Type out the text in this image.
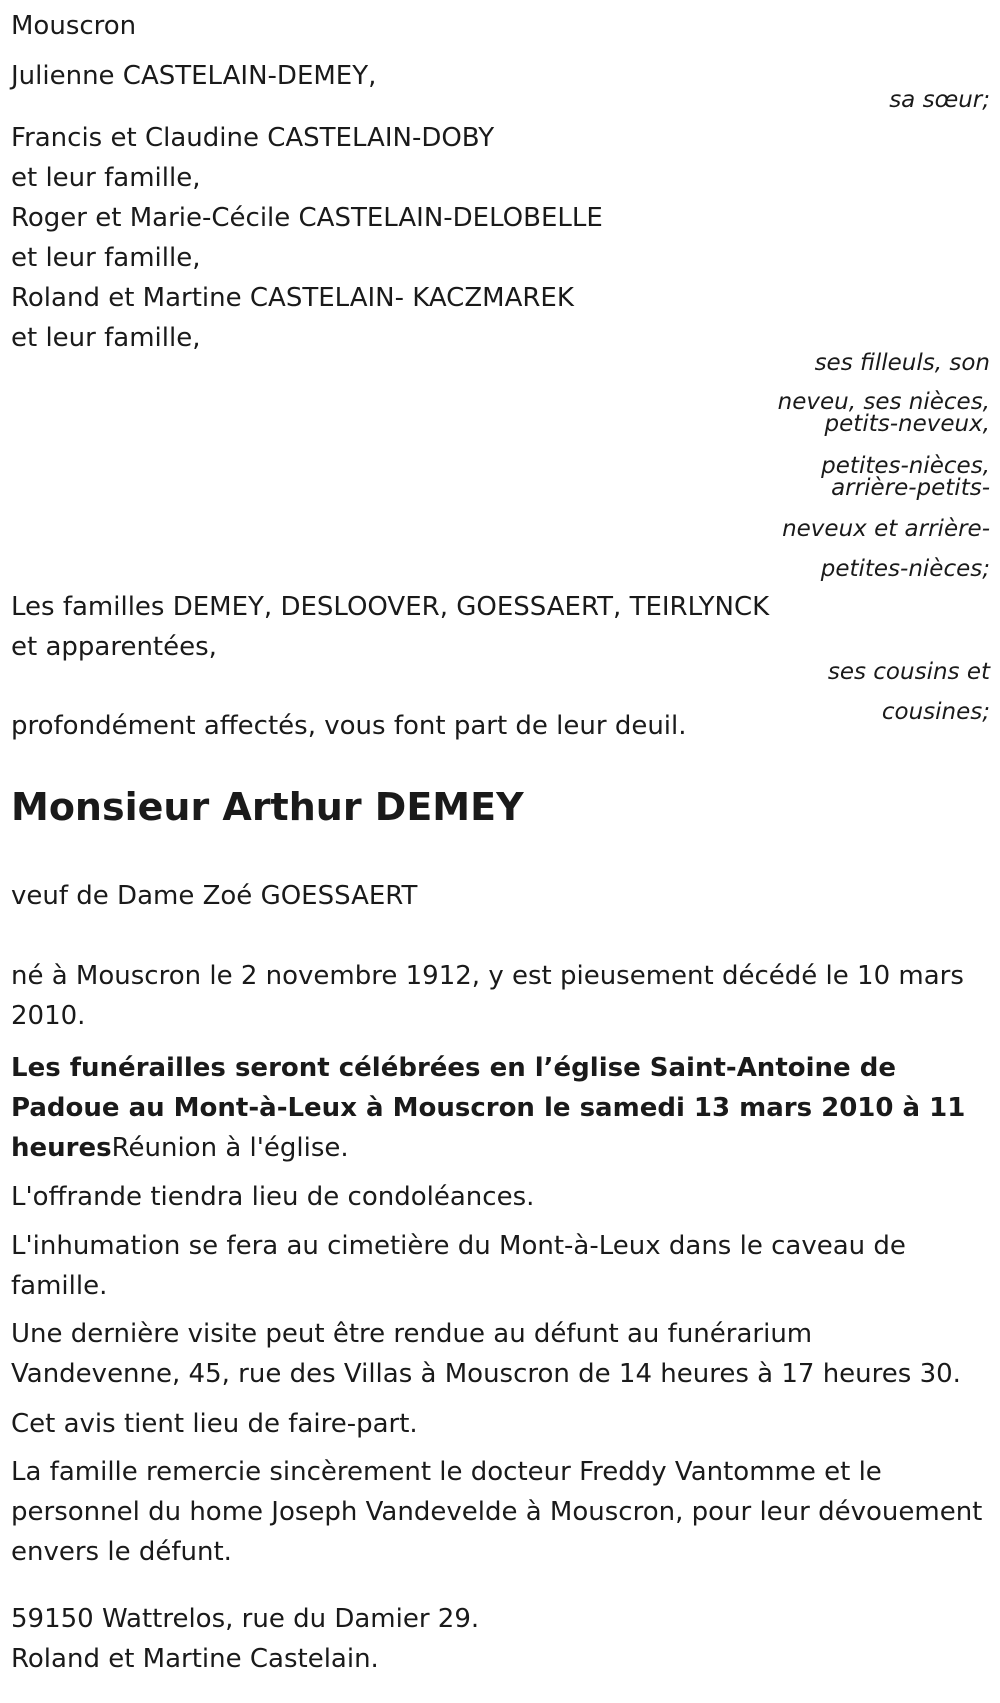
Mouscron
Julienne CASTELAIN-DEMEY,
sa sœur;
Francis et Claudine CASTELAIN-DOBY
et leur famille,
Roger et Marie-Cécile CASTELAIN-DELOBELLE
et leur famille,
Roland et Martine CASTELAIN- KACZMAREK
et leur famille,
ses filleuls, son
neveu, ses nièces,
petits-neveux,
petites-nièces,
arrière-petits-
neveux et arrière-
petites-nièces;
Les familles DEMEY, DESLOOVER, GOESSAERT, TEIRLYNCK
et apparentées,
ses cousins et
cousines;
profondément affectés, vous font part de leur deuil.
Monsieur Arthur DEMEY
veuf de Dame Zoé GOESSAERT
né à Mouscron le 2 novembre 1912, y est pieusement décédé le 10 mars 2010.
Les funérailles seront célébrées en l’église Saint-Antoine de Padoue au Mont-à-Leux à Mouscron le samedi 13 mars 2010 à 11 heuresRéunion à l'église.
L'offrande tiendra lieu de condoléances.
L'inhumation se fera au cimetière du Mont-à-Leux dans le caveau de famille.
Une dernière visite peut être rendue au défunt au funérarium Vandevenne, 45, rue des Villas à Mouscron de 14 heures à 17 heures 30.
Cet avis tient lieu de faire-part.
La famille remercie sincèrement le docteur Freddy Vantomme et le personnel du home Joseph Vandevelde à Mouscron, pour leur dévouement envers le défunt.
59150 Wattrelos, rue du Damier 29.
Roland et Martine Castelain.
